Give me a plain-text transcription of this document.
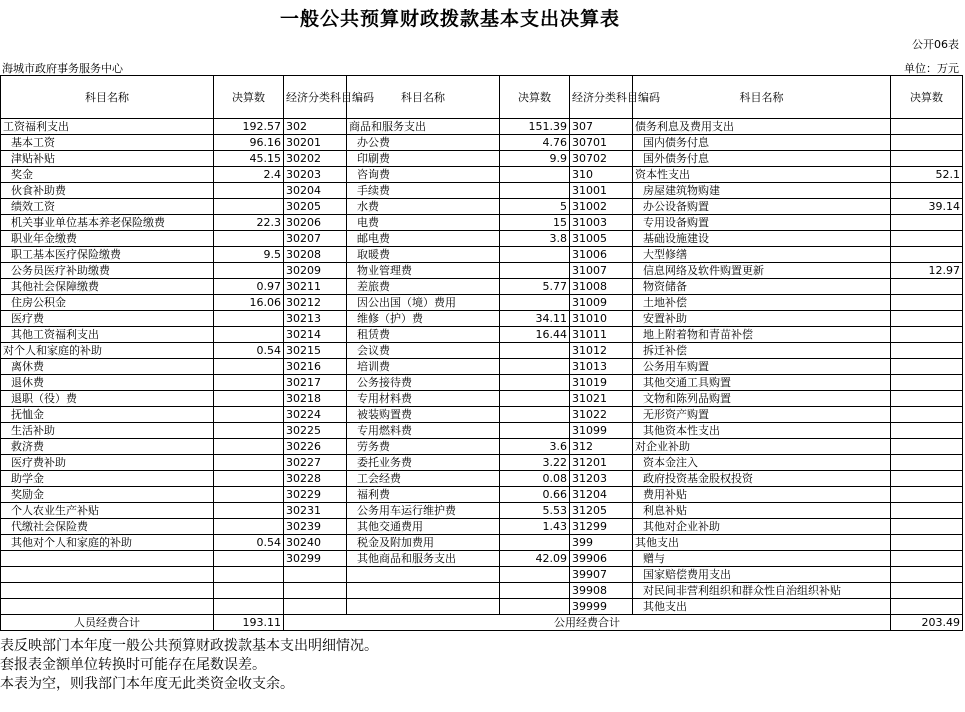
一般公共预算财政拨款基本支出决算表
公开06表
海城市政府事务服务中心	单位：万元
科目名称	决算数	经济分类科目编码	科目名称	决算数	经济分类科目编码	科目名称	决算数
工资福利支出	192.57	302	商品和服务支出	151.39	307	债务利息及费用支出	
基本工资	96.16	30201	办公费	4.76	30701	国内债务付息	
津贴补贴	45.15	30202	印刷费	9.9	30702	国外债务付息	
奖金	2.4	30203	咨询费		310	资本性支出	52.1
伙食补助费		30204	手续费		31001	房屋建筑物购建	
绩效工资		30205	水费	5	31002	办公设备购置	39.14
机关事业单位基本养老保险缴费	22.3	30206	电费	15	31003	专用设备购置	
职业年金缴费		30207	邮电费	3.8	31005	基础设施建设	
职工基本医疗保险缴费	9.5	30208	取暖费		31006	大型修缮	
公务员医疗补助缴费		30209	物业管理费		31007	信息网络及软件购置更新	12.97
其他社会保障缴费	0.97	30211	差旅费	5.77	31008	物资储备	
住房公积金	16.06	30212	因公出国（境）费用		31009	土地补偿	
医疗费		30213	维修（护）费	34.11	31010	安置补助	
其他工资福利支出		30214	租赁费	16.44	31011	地上附着物和青苗补偿	
对个人和家庭的补助	0.54	30215	会议费		31012	拆迁补偿	
离休费		30216	培训费		31013	公务用车购置	
退休费		30217	公务接待费		31019	其他交通工具购置	
退职（役）费		30218	专用材料费		31021	文物和陈列品购置	
抚恤金		30224	被装购置费		31022	无形资产购置	
生活补助		30225	专用燃料费		31099	其他资本性支出	
救济费		30226	劳务费	3.6	312	对企业补助	
医疗费补助		30227	委托业务费	3.22	31201	资本金注入	
助学金		30228	工会经费	0.08	31203	政府投资基金股权投资	
奖励金		30229	福利费	0.66	31204	费用补贴	
个人农业生产补贴		30231	公务用车运行维护费	5.53	31205	利息补贴	
代缴社会保险费		30239	其他交通费用	1.43	31299	其他对企业补助	
其他对个人和家庭的补助	0.54	30240	税金及附加费用		399	其他支出	
		30299	其他商品和服务支出	42.09	39906	赠与	
					39907	国家赔偿费用支出	
					39908	对民间非营利组织和群众性自治组织补贴	
					39999	其他支出	
人员经费合计	193.11	公用经费合计					203.49
表反映部门本年度一般公共预算财政拨款基本支出明细情况。
套报表金额单位转换时可能存在尾数误差。
本表为空，则我部门本年度无此类资金收支余。
